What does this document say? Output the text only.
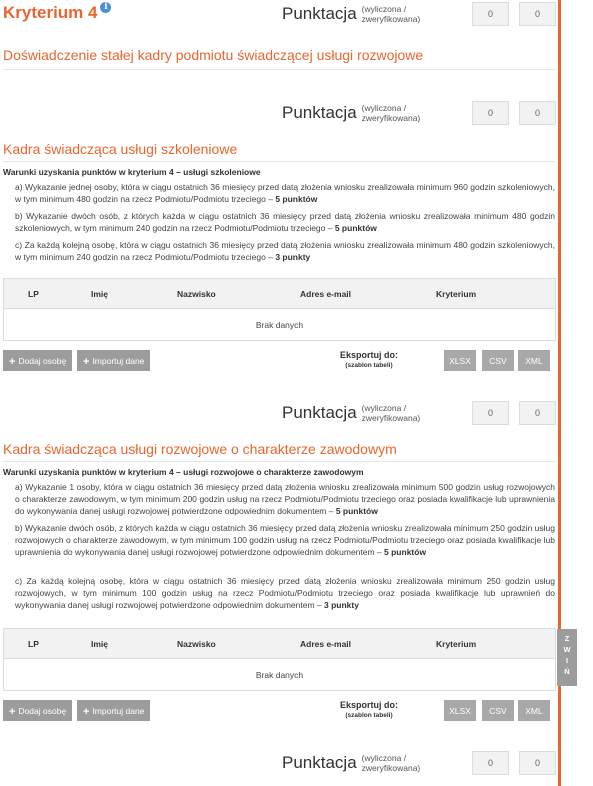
Kryterium 4 i	Punktacja (wyliczona / zweryfikowana)	0	0
Doświadczenie stałej kadry podmiotu świadczącej usługi rozwojowe
Punktacja (wyliczona / zweryfikowana)	0	0
Kadra świadcząca usługi szkoleniowe
Warunki uzyskania punktów w kryterium 4 – usługi szkoleniowe
a) Wykazanie jednej osoby, która w ciągu ostatnich 36 miesięcy przed datą złożenia wniosku zrealizowała minimum 960 godzin szkoleniowych, w tym minimum 480 godzin na rzecz Podmiotu/Podmiotu trzeciego – 5 punktów
b) Wykazanie dwóch osób, z których każda w ciągu ostatnich 36 miesięcy przed datą złożenia wniosku zrealizowała minimum 480 godzin szkoleniowych, w tym minimum 240 godzin na rzecz Podmiotu/Podmiotu trzeciego – 5 punktów
c) Za każdą kolejną osobę, która w ciągu ostatnich 36 miesięcy przed datą złożenia wniosku zrealizowała minimum 480 godzin szkoleniowych, w tym minimum 240 godzin na rzecz Podmiotu/Podmiotu trzeciego – 3 punkty
LP	Imię	Nazwisko	Adres e-mail	Kryterium
Brak danych
+ Dodaj osobę + Importuj dane
Eksportuj do:
(szablon tabeli)	XLSX	CSV	XML
Punktacja (wyliczona / zweryfikowana)	0	0
Kadra świadcząca usługi rozwojowe o charakterze zawodowym
Warunki uzyskania punktów w kryterium 4 – usługi rozwojowe o charakterze zawodowym
a) Wykazanie 1 osoby, która w ciągu ostatnich 36 miesięcy przed datą złożenia wniosku zrealizowała minimum 500 godzin usług rozwojowych o charakterze zawodowym, w tym minimum 200 godzin usług na rzecz Podmiotu/Podmiotu trzeciego oraz posiada kwalifikacje lub uprawnienia do wykonywania danej usługi rozwojowej potwierdzone odpowiednim dokumentem – 5 punktów
b) Wykazanie dwóch osób, z których każda w ciągu ostatnich 36 miesięcy przed datą złożenia wniosku zrealizowała minimum 250 godzin usług rozwojowych o charakterze zawodowym, w tym minimum 100 godzin usług na rzecz Podmiotu/Podmiotu trzeciego oraz posiada kwalifikacje lub uprawnienia do wykonywania danej usługi rozwojowej potwierdzone odpowiednim dokumentem – 5 punktów
c) Za każdą kolejną osobę, która w ciągu ostatnich 36 miesięcy przed datą złożenia wniosku zrealizowała minimum 250 godzin usług rozwojowych, w tym minimum 100 godzin usług na rzecz Podmiotu/Podmiotu trzeciego oraz posiada kwalifikacje lub uprawnień do wykonywania danej usługi rozwojowej potwierdzone odpowiednim dokumentem – 3 punkty
LP	Imię	Nazwisko	Adres e-mail	Kryterium
Brak danych
+ Dodaj osobę + Importuj dane
Eksportuj do:
(szablon tabeli)	XLSX	CSV	XML
Punktacja (wyliczona / zweryfikowana)	0	0
Z
W
I
Ń
